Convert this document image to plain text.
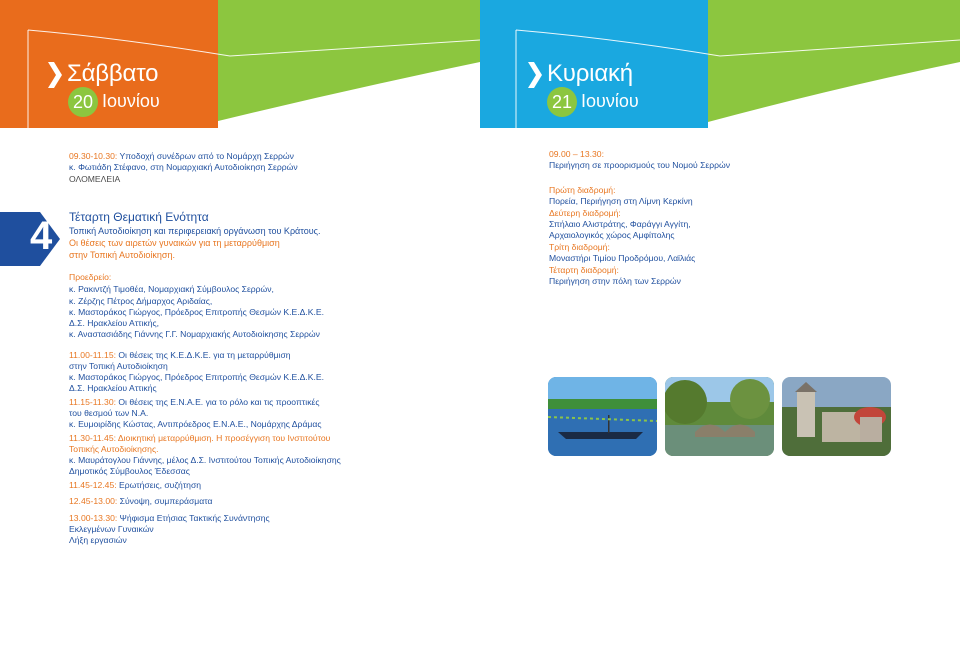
Σάββατο
20 Ιουνίου
Κυριακή
21 Ιουνίου
4
09.30-10.30: Υποδοχή συνέδρων από το Νομάρχη Σερρών
κ. Φωτιάδη Στέφανο, στη Νομαρχιακή Αυτοδιοίκηση Σερρών
ΟΛΟΜΕΛΕΙΑ
Τέταρτη Θεματική Ενότητα
Τοπική Αυτοδιοίκηση και περιφερειακή οργάνωση του Κράτους.
Οι θέσεις των αιρετών γυναικών για τη μεταρρύθμιση
στην Τοπική Αυτοδιοίκηση.
Προεδρείο:
κ. Ρακιντζή Τιμοθέα, Νομαρχιακή Σύμβουλος Σερρών,
κ. Ζέρζης Πέτρος Δήμαρχος Αριδαίας,
κ. Μαστοράκος Γιώργος, Πρόεδρος Επιτροπής Θεσμών Κ.Ε.Δ.Κ.Ε.
Δ.Σ. Ηρακλείου Αττικής,
κ. Αναστασιάδης Γιάννης Γ.Γ. Νομαρχιακής Αυτοδιοίκησης Σερρών
11.00-11.15: Οι θέσεις της Κ.Ε.Δ.Κ.Ε. για τη μεταρρύθμιση
στην Τοπική Αυτοδιοίκηση
κ. Μαστοράκος Γιώργος, Πρόεδρος Επιτροπής Θεσμών Κ.Ε.Δ.Κ.Ε.
Δ.Σ. Ηρακλείου Αττικής
11.15-11.30: Οι θέσεις της Ε.Ν.Α.Ε. για το ρόλο και τις προοπτικές
του θεσμού των Ν.Α.
κ. Ευμοιρίδης Κώστας, Αντιπρόεδρος Ε.Ν.Α.Ε., Νομάρχης Δράμας
11.30-11.45: Διοικητική μεταρρύθμιση. Η προσέγγιση του Ινστιτούτου
Τοπικής Αυτοδιοίκησης.
κ. Μαυράτογλου Γιάννης, μέλος Δ.Σ. Ινστιτούτου Τοπικής Αυτοδιοίκησης
Δημοτικός Σύμβουλος Έδεσσας
11.45-12.45: Ερωτήσεις, συζήτηση
12.45-13.00: Σύνοψη, συμπεράσματα
13.00-13.30: Ψήφισμα Ετήσιας Τακτικής Συνάντησης
Εκλεγμένων Γυναικών
Λήξη εργασιών
09.00 – 13.30:
Περιήγηση σε προορισμούς του Νομού Σερρών
Πρώτη διαδρομή:
Πορεία, Περιήγηση στη Λίμνη Κερκίνη
Δεύτερη διαδρομή:
Σπήλαιο Αλιστράτης, Φαράγγι Αγγίτη,
Αρχαιολογικός χώρος Αμφίπολης
Τρίτη διαδρομή:
Μοναστήρι Τιμίου Προδρόμου, Λαϊλιάς
Τέταρτη διαδρομή:
Περιήγηση στην πόλη των Σερρών
